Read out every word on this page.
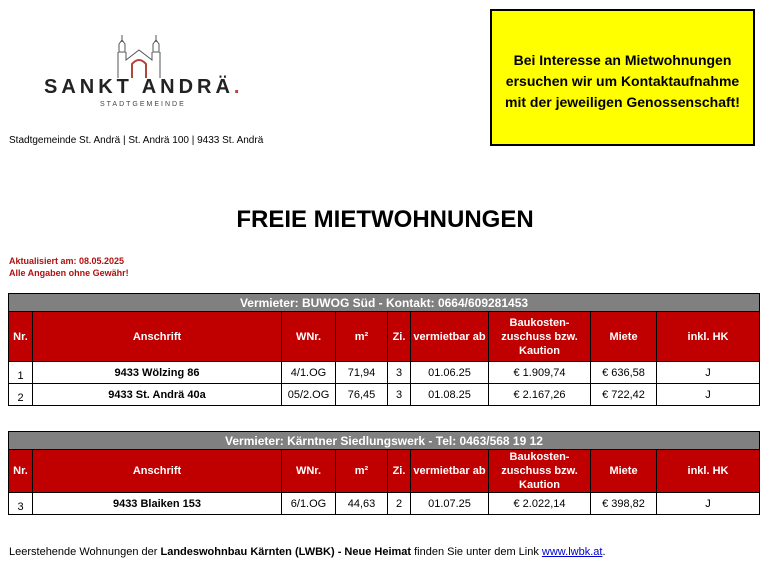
SANKT ANDRÄ.
STADTGEMEINDE
Stadtgemeinde St. Andrä | St. Andrä 100 | 9433 St. Andrä
Bei Interesse an Mietwohnungen ersuchen wir um Kontaktaufnahme mit der jeweiligen Genossenschaft!
FREIE MIETWOHNUNGEN
Aktualisiert am: 08.05.2025
Alle Angaben ohne Gewähr!
Vermieter: BUWOG Süd - Kontakt: 0664/609281453								
Nr.	Anschrift	WNr.	m²	Zi.	vermietbar ab	Baukosten-zuschuss bzw. Kaution	Miete	inkl. HK
1	9433 Wölzing 86	4/1.OG	71,94	3	01.06.25	€ 1.909,74	€ 636,58	J
2	9433 St. Andrä 40a	05/2.OG	76,45	3	01.08.25	€ 2.167,26	€ 722,42	J
Vermieter: Kärntner Siedlungswerk - Tel: 0463/568 19 12								
Nr.	Anschrift	WNr.	m²	Zi.	vermietbar ab	Baukosten-zuschuss bzw. Kaution	Miete	inkl. HK
3	9433 Blaiken 153	6/1.OG	44,63	2	01.07.25	€ 2.022,14	€ 398,82	J
Leerstehende Wohnungen der Landeswohnbau Kärnten (LWBK) - Neue Heimat finden Sie unter dem Link www.lwbk.at.
